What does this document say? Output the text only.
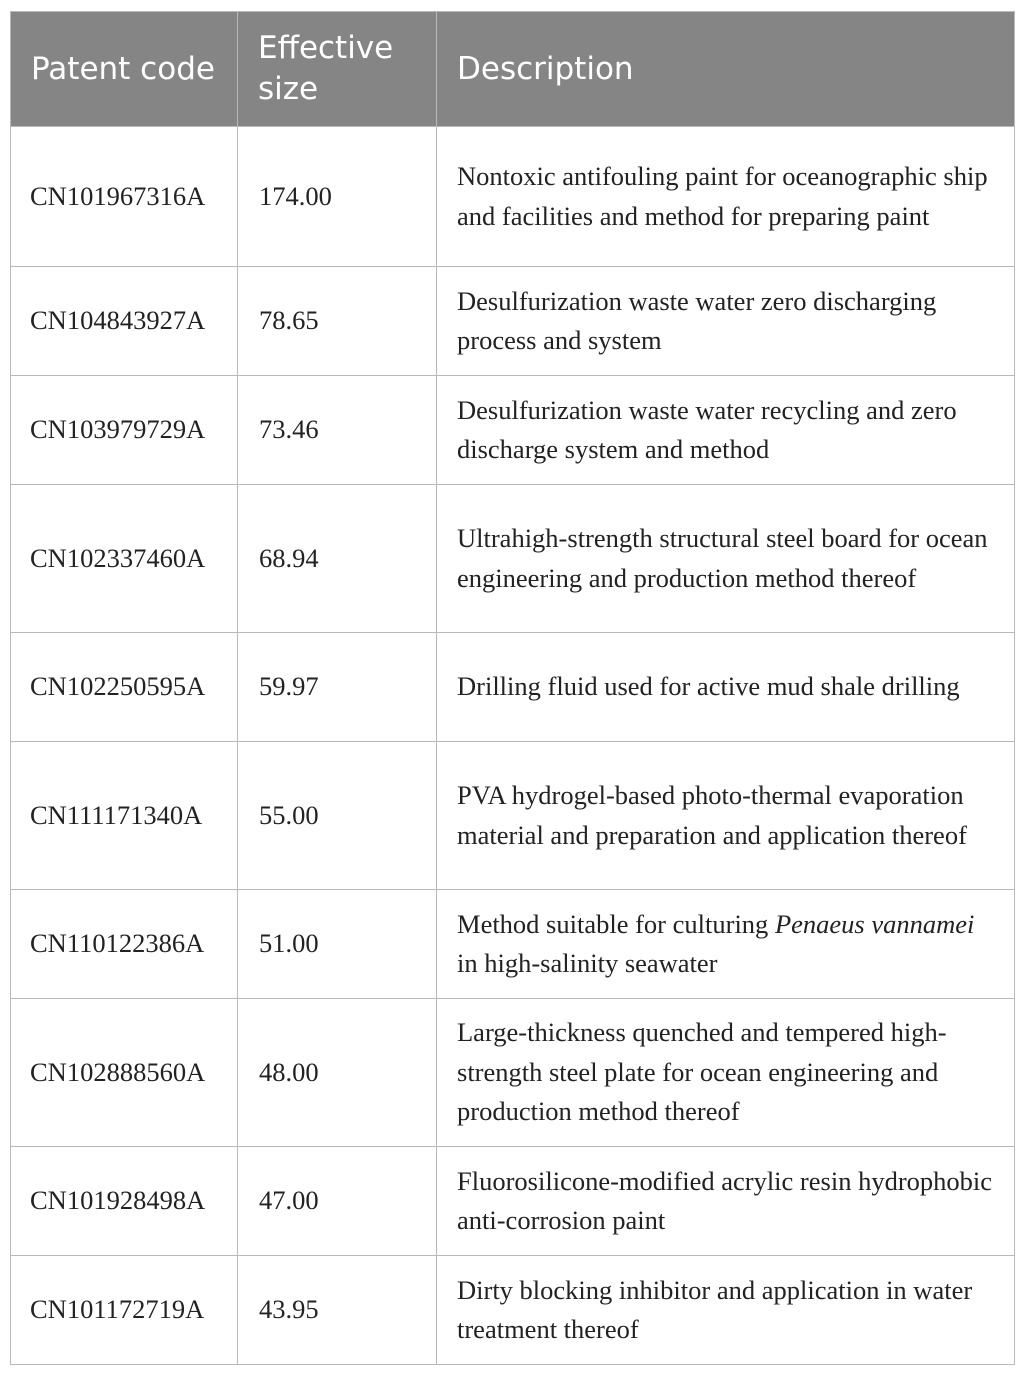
Patent code	Effective size	Description
CN101967316A	174.00	Nontoxic antifouling paint for oceanographic ship and facilities and method for preparing paint
CN104843927A	78.65	Desulfurization waste water zero discharging process and system
CN103979729A	73.46	Desulfurization waste water recycling and zero discharge system and method
CN102337460A	68.94	Ultrahigh-strength structural steel board for ocean engineering and production method thereof
CN102250595A	59.97	Drilling fluid used for active mud shale drilling
CN111171340A	55.00	PVA hydrogel-based photo-thermal evaporation material and preparation and application thereof
CN110122386A	51.00	Method suitable for culturing Penaeus vannamei in high-salinity seawater
CN102888560A	48.00	Large-thickness quenched and tempered high-strength steel plate for ocean engineering and production method thereof
CN101928498A	47.00	Fluorosilicone-modified acrylic resin hydrophobic anti-corrosion paint
CN101172719A	43.95	Dirty blocking inhibitor and application in water treatment thereof
